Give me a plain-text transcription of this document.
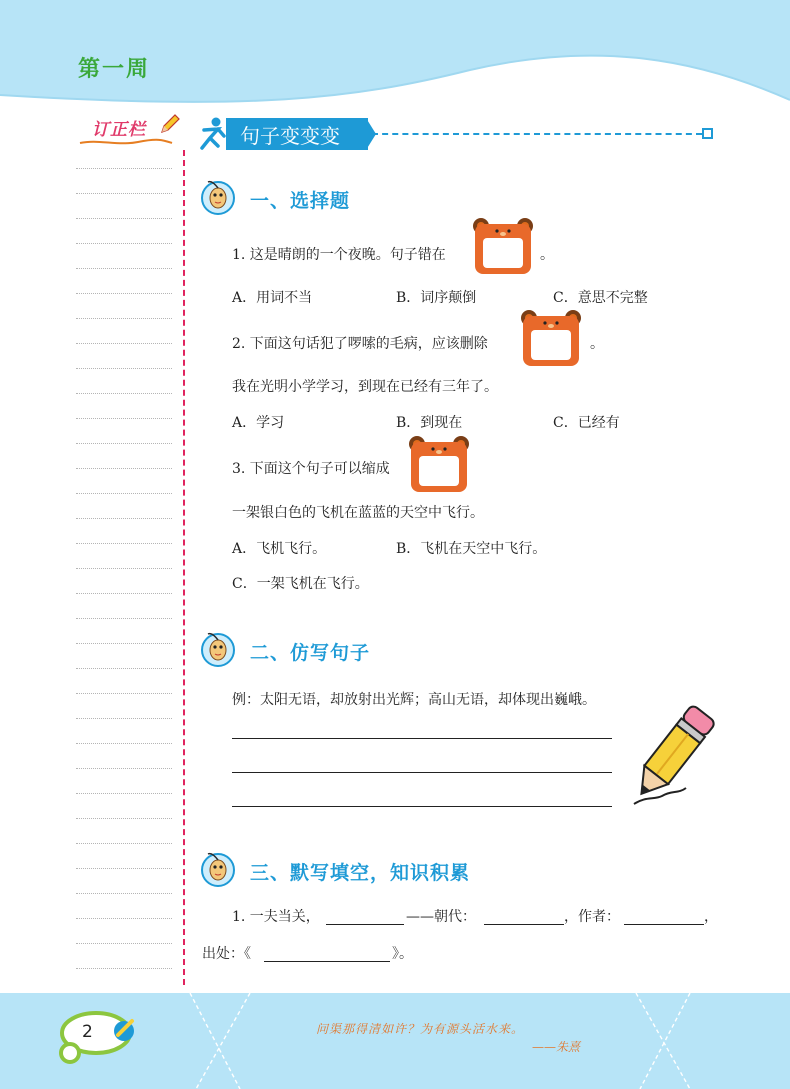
第一周
订正栏	句子变变变
一、选择题
1. 这是晴朗的一个夜晚。句子错在	。
A．用词不当	B．词序颠倒	C．意思不完整
2. 下面这句话犯了啰嗦的毛病，应该删除	。
我在光明小学学习，到现在已经有三年了。
A．学习	B．到现在	C．已经有
3. 下面这个句子可以缩成
一架银白色的飞机在蓝蓝的天空中飞行。
A．飞机飞行。	B．飞机在天空中飞行。
C．一架飞机在飞行。
二、仿写句子
例：太阳无语，却放射出光辉；高山无语，却体现出巍峨。
三、默写填空，知识积累
1. 一夫当关，	——朝代：	，作者：	，
出处：《	》。
2	问渠那得清如许？为有源头活水来。
——朱熹
